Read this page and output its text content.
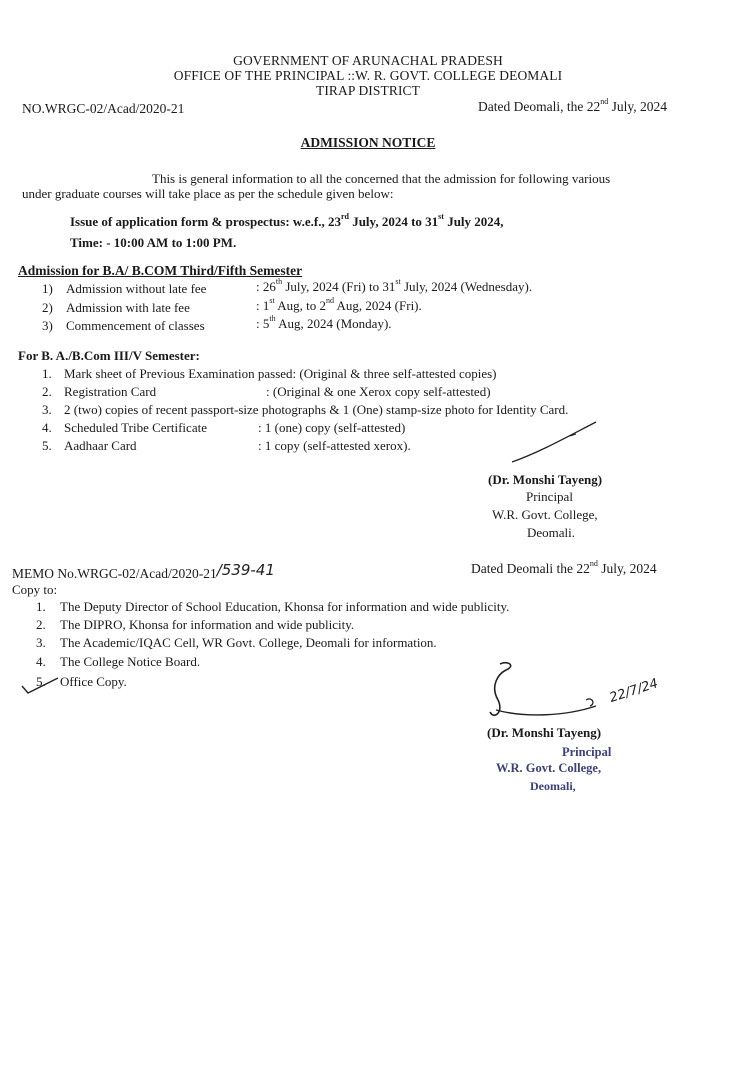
GOVERNMENT OF ARUNACHAL PRADESH
OFFICE OF THE PRINCIPAL ::W. R. GOVT. COLLEGE DEOMALI
TIRAP DISTRICT
NO.WRGC-02/Acad/2020-21	Dated Deomali, the 22nd July, 2024
ADMISSION NOTICE
This is general information to all the concerned that the admission for following various
under graduate courses will take place as per the schedule given below:
Issue of application form & prospectus: w.e.f., 23rd July, 2024 to 31st July 2024,
Time: - 10:00 AM to 1:00 PM.
Admission for B.A/ B.COM Third/Fifth Semester
1) Admission without late fee	: 26th July, 2024 (Fri) to 31st July, 2024 (Wednesday).
2) Admission with late fee	: 1st Aug, to 2nd Aug, 2024 (Fri).
3) Commencement of classes	: 5th Aug, 2024 (Monday).
For B. A./B.Com III/V Semester:
1. Mark sheet of Previous Examination passed: (Original & three self-attested copies)
2. Registration Card	: (Original & one Xerox copy self-attested)
3. 2 (two) copies of recent passport-size photographs & 1 (One) stamp-size photo for Identity Card.
4. Scheduled Tribe Certificate	: 1 (one) copy (self-attested)
5. Aadhaar Card	: 1 copy (self-attested xerox).
(Dr. Monshi Tayeng)
Principal
W.R. Govt. College,
Deomali.
MEMO No.WRGC-02/Acad/2020-21/539-41	Dated Deomali the 22nd July, 2024
Copy to:
1. The Deputy Director of School Education, Khonsa for information and wide publicity.
2. The DIPRO, Khonsa for information and wide publicity.
3. The Academic/IQAC Cell, WR Govt. College, Deomali for information.
4. The College Notice Board.
5. Office Copy.	22/7/24
(Dr. Monshi Tayeng)
Principal
W.R. Govt. College,
Deomali,
